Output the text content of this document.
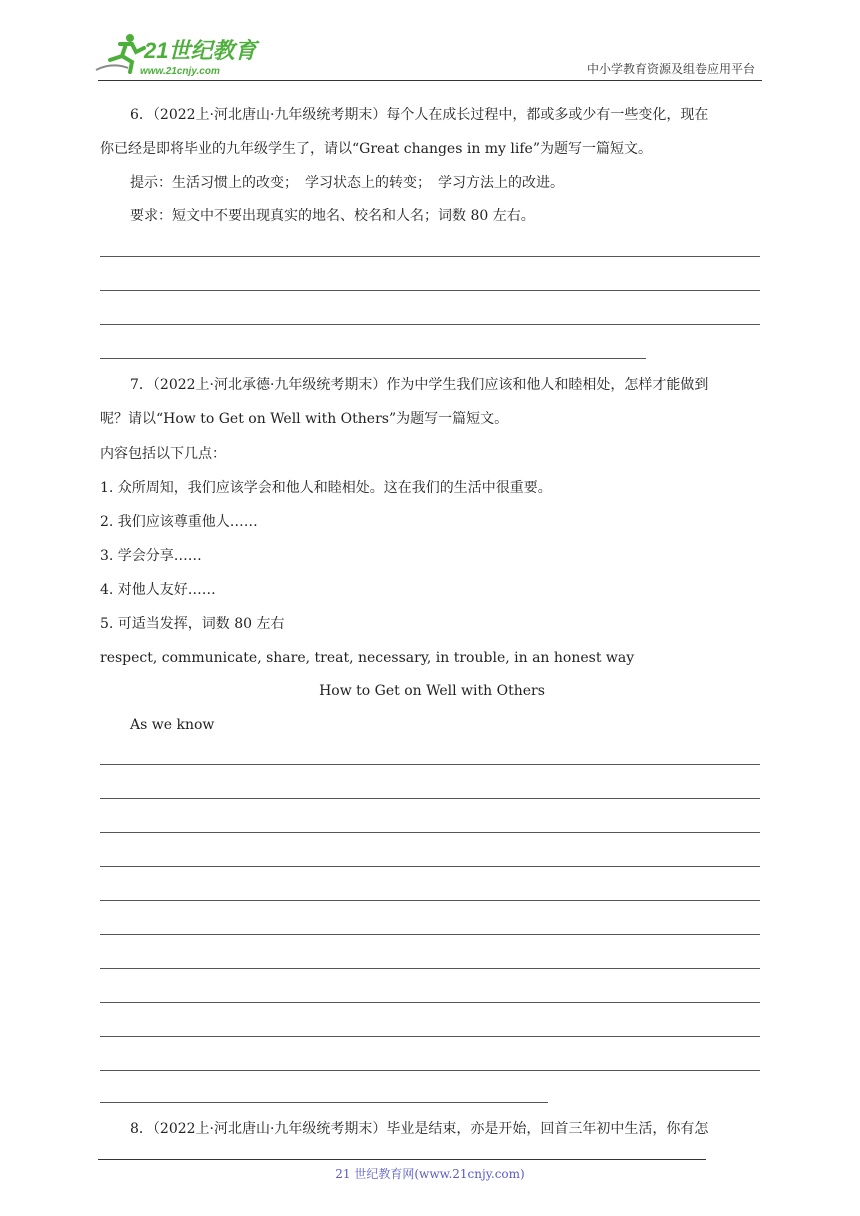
21世纪教育
www.21cnjy.com	中小学教育资源及组卷应用平台
6．（2022上·河北唐山·九年级统考期末）每个人在成长过程中，都或多或少有一些变化，现在
你已经是即将毕业的九年级学生了，请以“Great changes in my life”为题写一篇短文。
提示：生活习惯上的改变；　学习状态上的转变；　学习方法上的改进。
要求：短文中不要出现真实的地名、校名和人名；词数 80 左右。
7．（2022上·河北承德·九年级统考期末）作为中学生我们应该和他人和睦相处，怎样才能做到
呢？请以“How to Get on Well with Others”为题写一篇短文。
内容包括以下几点：
1. 众所周知，我们应该学会和他人和睦相处。这在我们的生活中很重要。
2. 我们应该尊重他人……
3. 学会分享……
4. 对他人友好……
5. 可适当发挥，词数 80 左右
respect, communicate, share, treat, necessary, in trouble, in an honest way
How to Get on Well with Others
As we know
8．（2022上·河北唐山·九年级统考期末）毕业是结束，亦是开始，回首三年初中生活，你有怎
21 世纪教育网(www.21cnjy.com)
